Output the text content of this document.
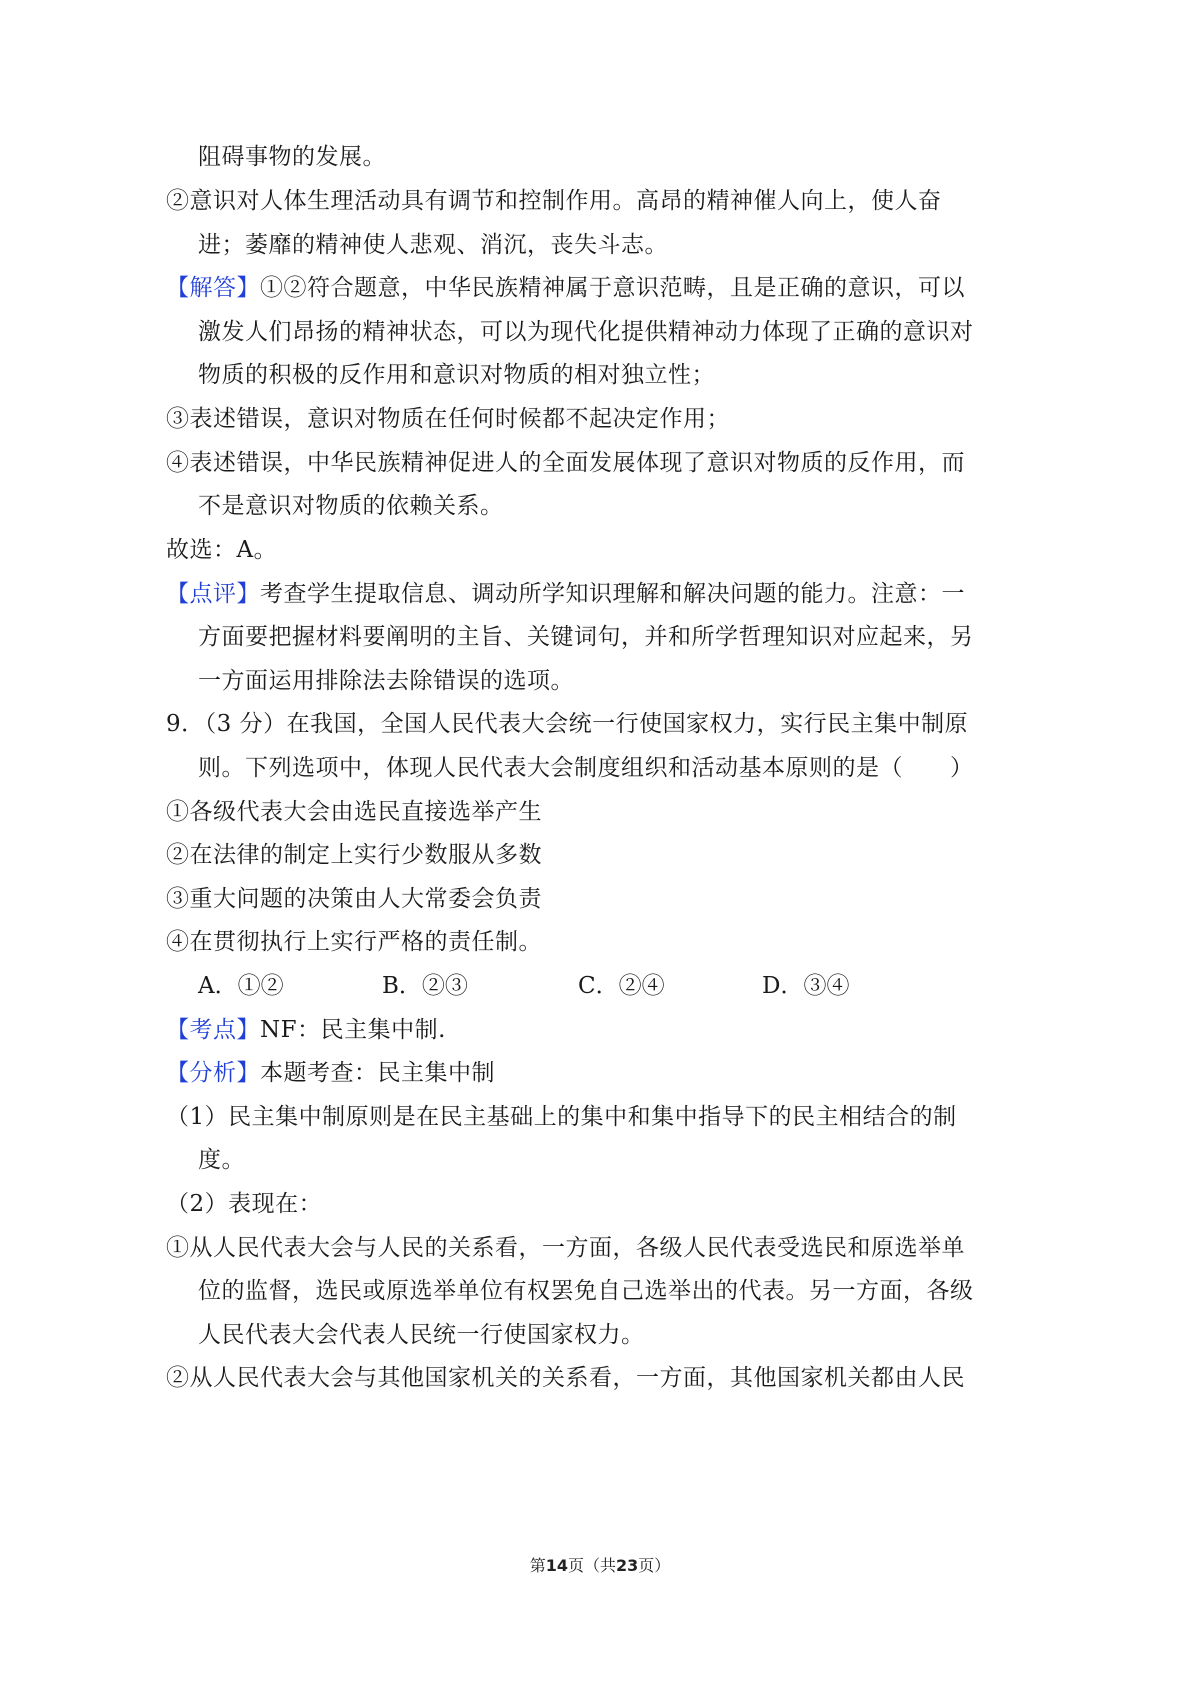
阻碍事物的发展。
②意识对人体生理活动具有调节和控制作用。高昂的精神催人向上，使人奋
进；萎靡的精神使人悲观、消沉，丧失斗志。
【解答】①②符合题意，中华民族精神属于意识范畴，且是正确的意识，可以
激发人们昂扬的精神状态，可以为现代化提供精神动力体现了正确的意识对
物质的积极的反作用和意识对物质的相对独立性；
③表述错误，意识对物质在任何时候都不起决定作用；
④表述错误，中华民族精神促进人的全面发展体现了意识对物质的反作用，而
不是意识对物质的依赖关系。
故选：A。
【点评】考查学生提取信息、调动所学知识理解和解决问题的能力。注意：一
方面要把握材料要阐明的主旨、关键词句，并和所学哲理知识对应起来，另
一方面运用排除法去除错误的选项。
9．（3 分）在我国，全国人民代表大会统一行使国家权力，实行民主集中制原
则。下列选项中，体现人民代表大会制度组织和活动基本原则的是（　　）
①各级代表大会由选民直接选举产生
②在法律的制定上实行少数服从多数
③重大问题的决策由人大常委会负责
④在贯彻执行上实行严格的责任制。
A．①②	B．②③	C．②④	D．③④
【考点】NF：民主集中制.
【分析】本题考查：民主集中制
（1）民主集中制原则是在民主基础上的集中和集中指导下的民主相结合的制
度。
（2）表现在：
①从人民代表大会与人民的关系看，一方面，各级人民代表受选民和原选举单
位的监督，选民或原选举单位有权罢免自己选举出的代表。另一方面，各级
人民代表大会代表人民统一行使国家权力。
②从人民代表大会与其他国家机关的关系看，一方面，其他国家机关都由人民
第14页（共23页）
